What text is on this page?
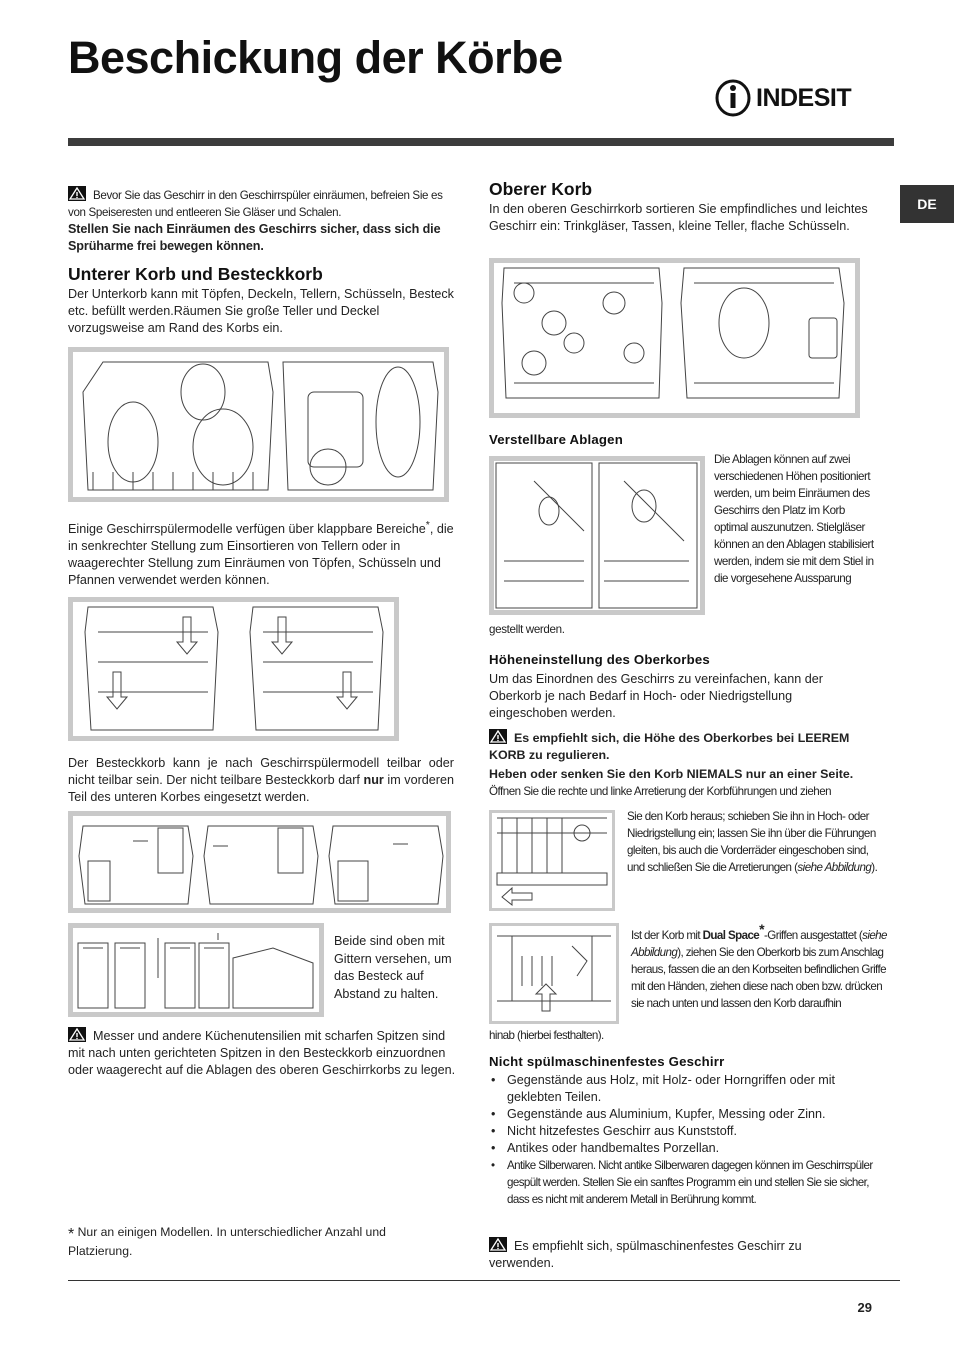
Beschickung der Körbe
INDESIT
DE
Bevor Sie das Geschirr in den Geschirrspüler einräumen, befreien Sie es von Speiseresten und entleeren Sie Gläser und Schalen.
Stellen Sie nach Einräumen des Geschirrs sicher, dass sich die Sprüharme frei bewegen können.
Unterer Korb und Besteckkorb
Der Unterkorb kann mit Töpfen, Deckeln, Tellern, Schüsseln, Besteck etc. befüllt werden.Räumen Sie große Teller und Deckel vorzugsweise am Rand des Korbs ein.
Einige Geschirrspülermodelle verfügen über klappbare Bereiche*, die in senkrechter Stellung zum Einsortieren von Tellern oder in waagerechter Stellung zum Einräumen von Töpfen, Schüsseln und Pfannen verwendet werden können.
Der Besteckkorb kann je nach Geschirrspülermodell teilbar oder nicht teilbar sein. Der nicht teilbare Besteckkorb darf nur im vorderen Teil des unteren Korbes eingesetzt werden.
Beide sind oben mit Gittern versehen, um das Besteck auf Abstand zu halten.
Messer und andere Küchenutensilien mit scharfen Spitzen sind mit nach unten gerichteten Spitzen in den Besteckkorb einzuordnen oder waagerecht auf die Ablagen des oberen Geschirrkorbs zu legen.
* Nur an einigen Modellen. In unterschiedlicher Anzahl und Platzierung.
Oberer Korb
In den oberen Geschirrkorb sortieren Sie empfindliches und leichtes Geschirr ein: Trinkgläser, Tassen, kleine Teller, flache Schüsseln.
Verstellbare Ablagen
Die Ablagen können auf zwei verschiedenen Höhen positioniert werden, um beim Einräumen des Geschirrs den Platz im Korb optimal auszunutzen. Stielgläser können an den Ablagen stabilisiert werden, indem sie mit dem Stiel in die vorgesehene Aussparung
gestellt werden.
Höheneinstellung des Oberkorbes
Um das Einordnen des Geschirrs zu vereinfachen, kann der Oberkorb je nach Bedarf in Hoch- oder Niedrigstellung eingeschoben werden.
Es empfiehlt sich, die Höhe des Oberkorbes bei LEEREM KORB zu regulieren.
Heben oder senken Sie den Korb NIEMALS nur an einer Seite.
Öffnen Sie die rechte und linke Arretierung der Korbführungen und ziehen
Sie den Korb heraus; schieben Sie ihn in Hoch- oder Niedrigstellung ein; lassen Sie ihn über die Führungen gleiten, bis auch die Vorderräder eingeschoben sind, und schließen Sie die Arretierungen (siehe Abbildung).
Ist der Korb mit Dual Space*-Griffen ausgestattet (siehe Abbildung), ziehen Sie den Oberkorb bis zum Anschlag heraus, fassen die an den Korbseiten befindlichen Griffe mit den Händen, ziehen diese nach oben bzw. drücken sie nach unten und lassen den Korb daraufhin
hinab (hierbei festhalten).
Nicht spülmaschinenfestes Geschirr
• Gegenstände aus Holz, mit Holz- oder Horngriffen oder mit geklebten Teilen.
• Gegenstände aus Aluminium, Kupfer, Messing oder Zinn.
• Nicht hitzefestes Geschirr aus Kunststoff.
• Antikes oder handbemaltes Porzellan.
• Antike Silberwaren. Nicht antike Silberwaren dagegen können im Geschirrspüler gespült werden. Stellen Sie ein sanftes Programm ein und stellen Sie sie sicher, dass es nicht mit anderem Metall in Berührung kommt.
Es empfiehlt sich, spülmaschinenfestes Geschirr zu verwenden.
29
